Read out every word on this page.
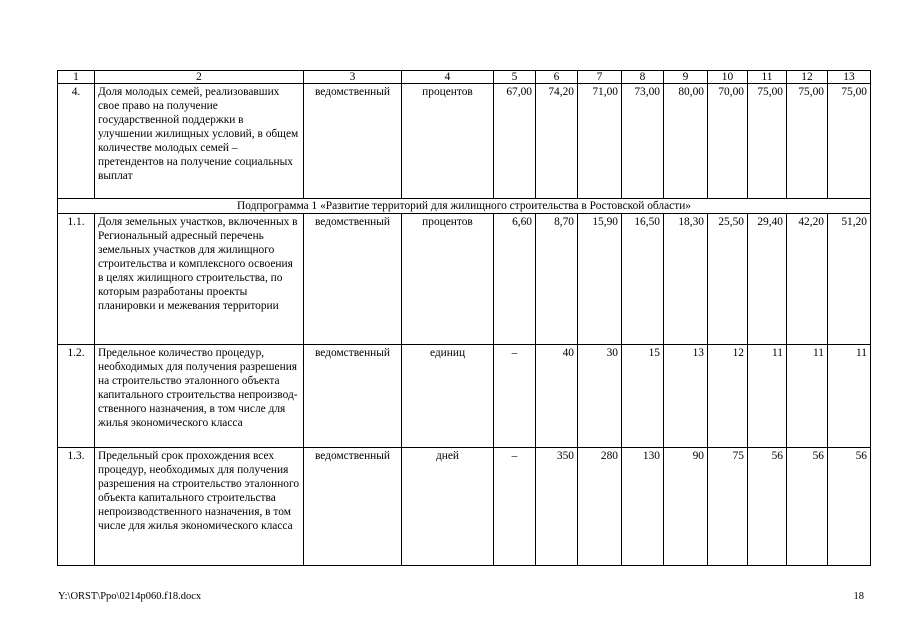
1	2	3	4	5	6	7	8	9	10	11	12	13
4.	Доля молодых семей, реализовавших свое право на получение государственной поддержки в улучшении жилищных условий, в общем количестве молодых семей – претендентов на получение социальных выплат	ведомственный	процентов	67,00	74,20	71,00	73,00	80,00	70,00	75,00	75,00	75,00
Подпрограмма 1 «Развитие территорий для жилищного строительства в Ростовской области»												
1.1.	Доля земельных участков, включенных в Региональный адресный перечень земельных участков для жилищного строительства и комплексного освоения в целях жилищного строительства, по которым разработаны проекты планировки и межевания территории	ведомственный	процентов	6,60	8,70	15,90	16,50	18,30	25,50	29,40	42,20	51,20
1.2.	Предельное количество процедур, необходимых для получения разрешения на строительство эталонного объекта капитального строительства непроизвод-ственного назначения, в том числе для жилья экономического класса	ведомственный	единиц	–	40	30	15	13	12	11	11	11
1.3.	Предельный срок прохождения всех процедур, необходимых для получения разрешения на строительство эталонного объекта капитального строительства непроизводственного назначения, в том числе для жилья экономического класса	ведомственный	дней	–	350	280	130	90	75	56	56	56
Y:\ORST\Ppo\0214p060.f18.docx	18
